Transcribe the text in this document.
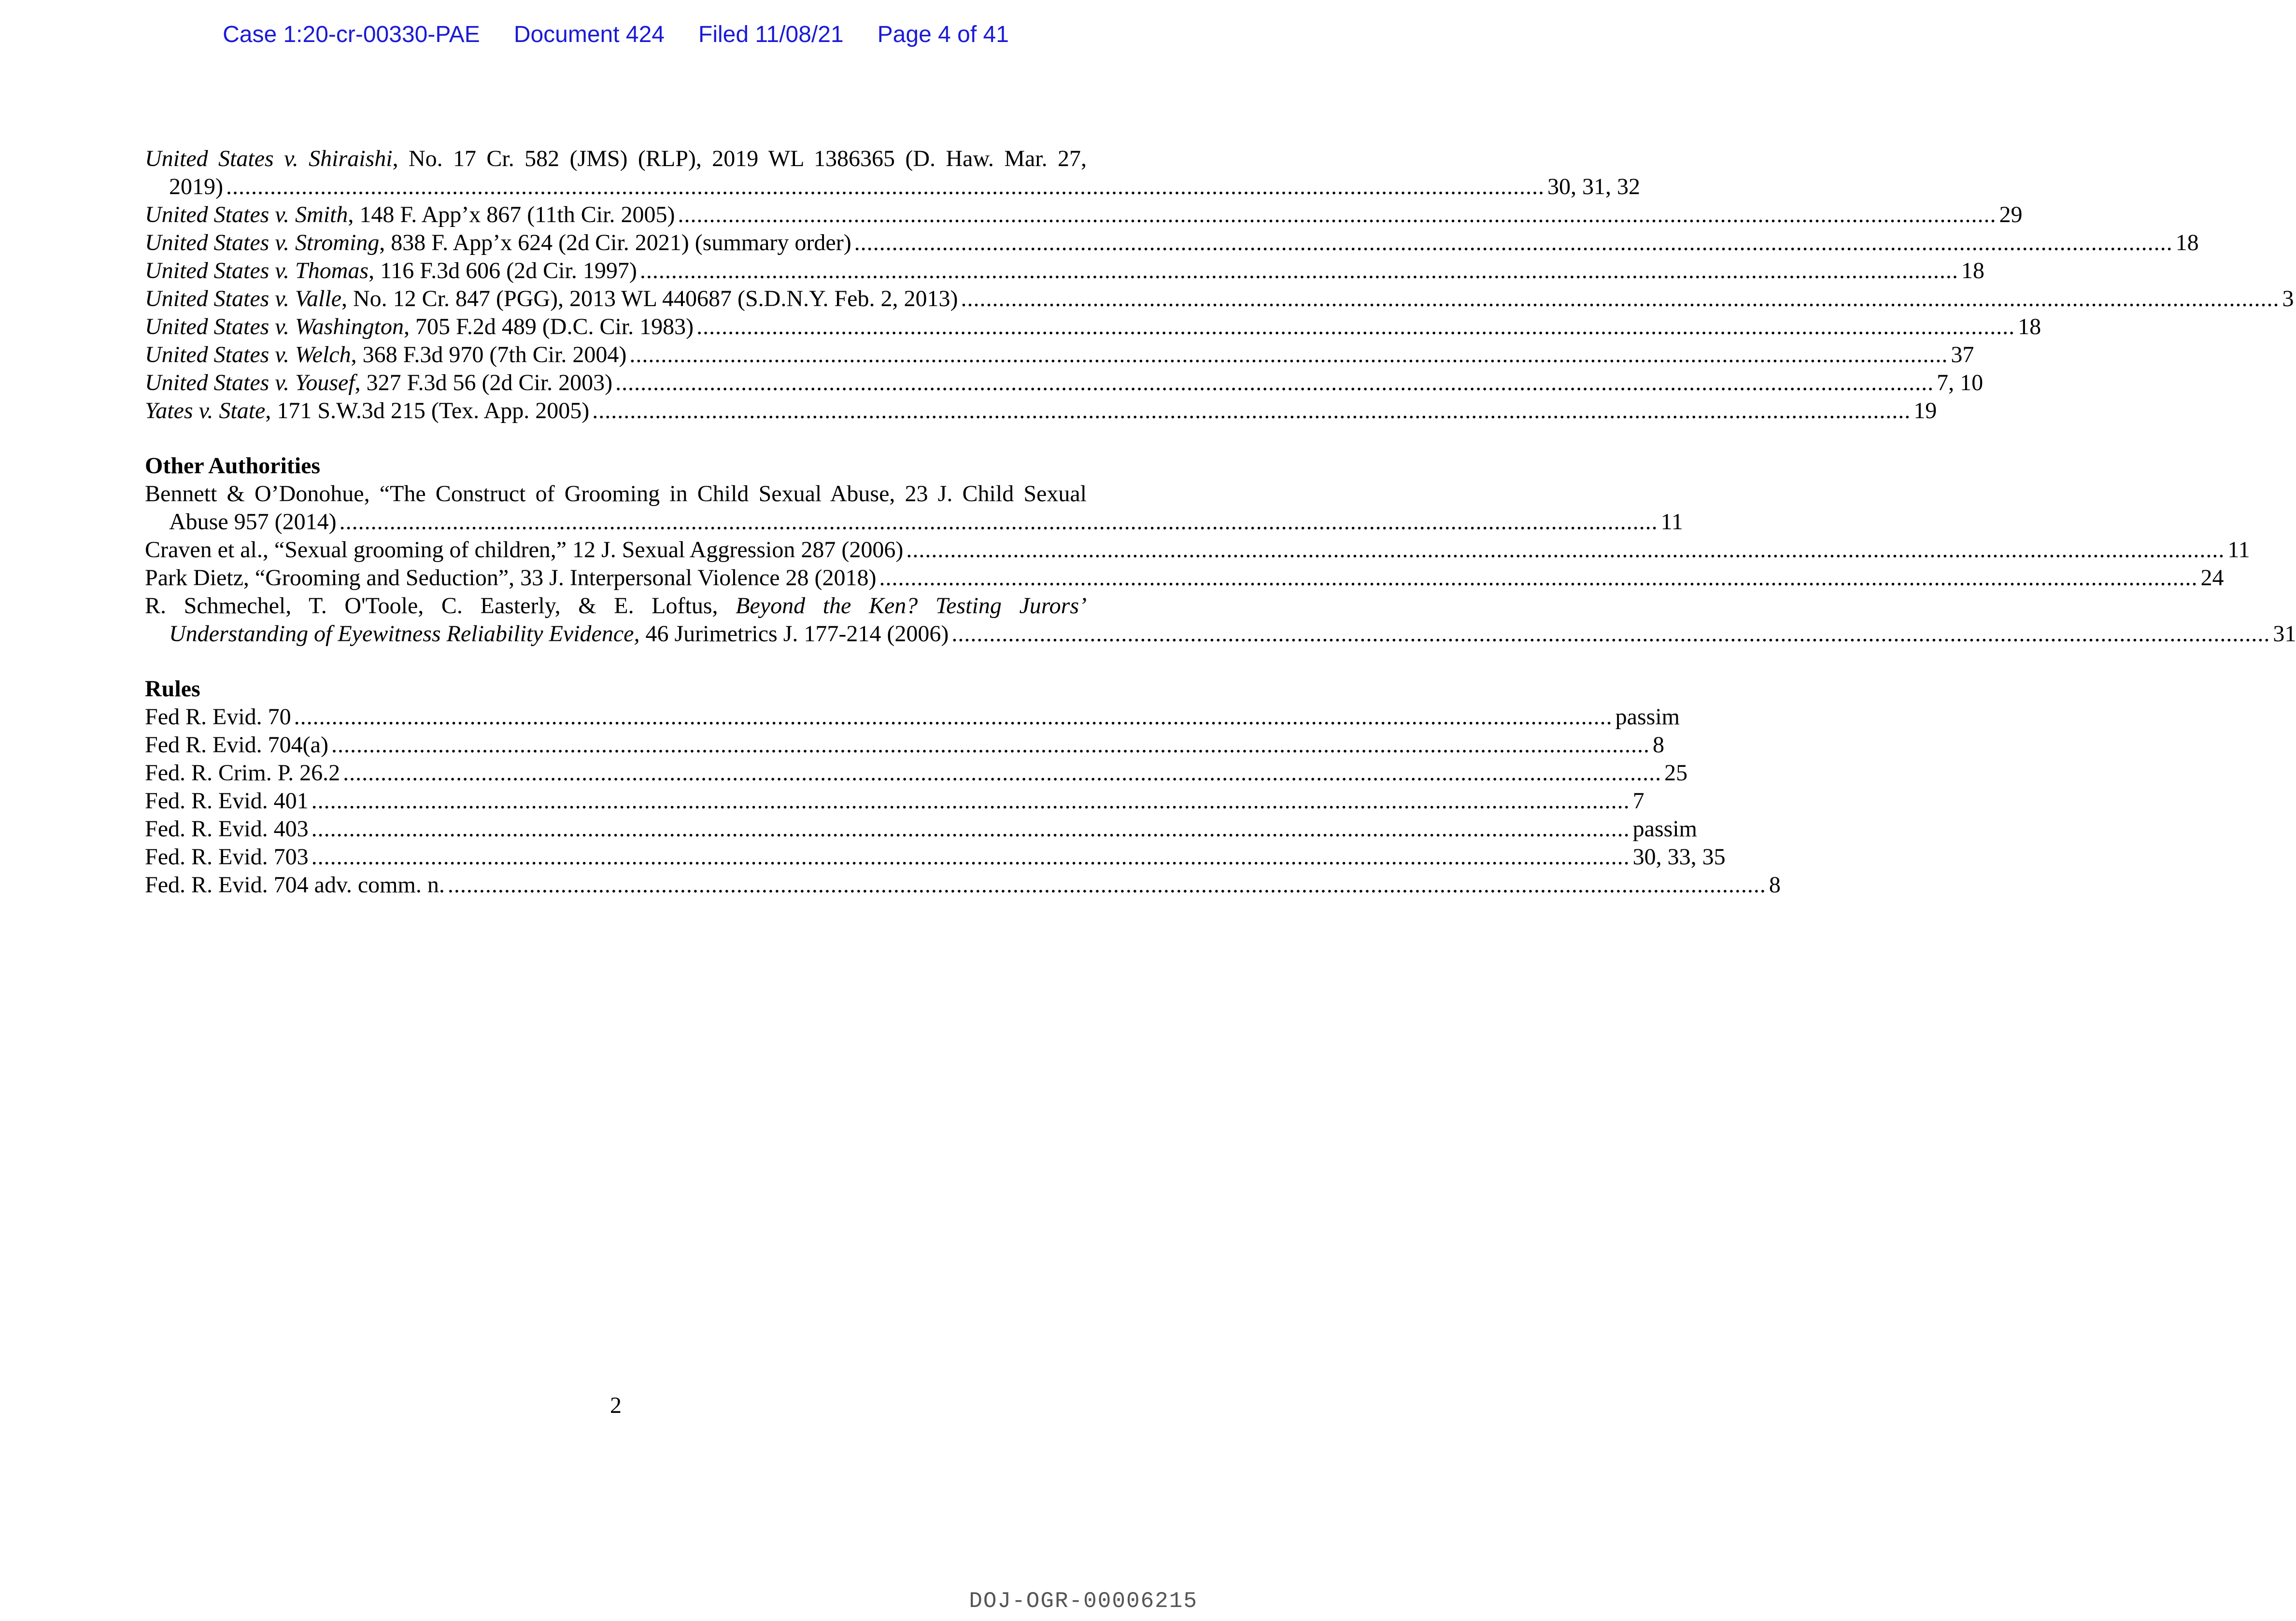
Case 1:20-cr-00330-PAE Document 424 Filed 11/08/21 Page 4 of 41
United States v. Shiraishi, No. 17 Cr. 582 (JMS) (RLP), 2019 WL 1386365 (D. Haw. Mar. 27,
2019) .................................................................................................................................................................................................................. 30, 31, 32
United States v. Smith, 148 F. App’x 867 (11th Cir. 2005) .................................................................................................................................................................................................................. 29
United States v. Stroming, 838 F. App’x 624 (2d Cir. 2021) (summary order) .................................................................................................................................................................................................................. 18
United States v. Thomas, 116 F.3d 606 (2d Cir. 1997) .................................................................................................................................................................................................................. 18
United States v. Valle, No. 12 Cr. 847 (PGG), 2013 WL 440687 (S.D.N.Y. Feb. 2, 2013) .................................................................................................................................................................................................................. 3
United States v. Washington, 705 F.2d 489 (D.C. Cir. 1983) .................................................................................................................................................................................................................. 18
United States v. Welch, 368 F.3d 970 (7th Cir. 2004) .................................................................................................................................................................................................................. 37
United States v. Yousef, 327 F.3d 56 (2d Cir. 2003) .................................................................................................................................................................................................................. 7, 10
Yates v. State, 171 S.W.3d 215 (Tex. App. 2005) .................................................................................................................................................................................................................. 19
Other Authorities
Bennett & O’Donohue, “The Construct of Grooming in Child Sexual Abuse, 23 J. Child Sexual
Abuse 957 (2014) .................................................................................................................................................................................................................. 11
Craven et al., “Sexual grooming of children,” 12 J. Sexual Aggression 287 (2006) .................................................................................................................................................................................................................. 11
Park Dietz, “Grooming and Seduction”, 33 J. Interpersonal Violence 28 (2018) .................................................................................................................................................................................................................. 24
R. Schmechel, T. O'Toole, C. Easterly, & E. Loftus, Beyond the Ken? Testing Jurors’
Understanding of Eyewitness Reliability Evidence, 46 Jurimetrics J. 177-214 (2006) .................................................................................................................................................................................................................. 31
Rules
Fed R. Evid. 70 .................................................................................................................................................................................................................. passim
Fed R. Evid. 704(a) .................................................................................................................................................................................................................. 8
Fed. R. Crim. P. 26.2 .................................................................................................................................................................................................................. 25
Fed. R. Evid. 401 .................................................................................................................................................................................................................. 7
Fed. R. Evid. 403 .................................................................................................................................................................................................................. passim
Fed. R. Evid. 703 .................................................................................................................................................................................................................. 30, 33, 35
Fed. R. Evid. 704 adv. comm. n. .................................................................................................................................................................................................................. 8
2
DOJ-OGR-00006215
